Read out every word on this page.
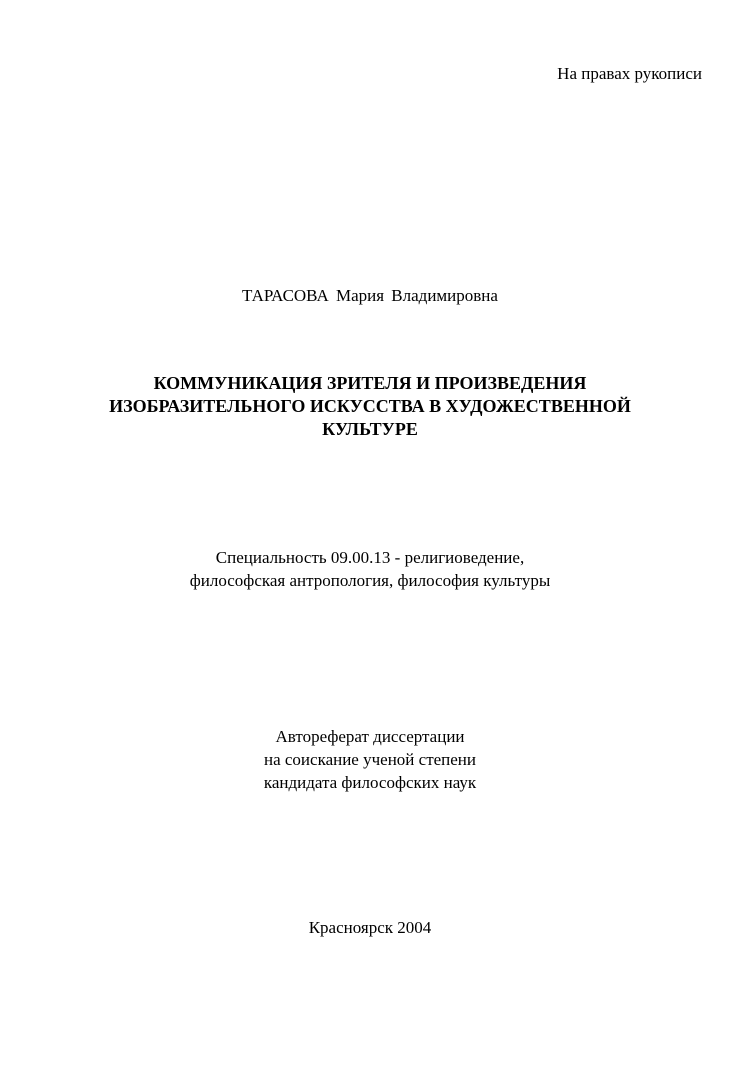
На правах рукописи
ТАРАСОВА Мария Владимировна
КОММУНИКАЦИЯ ЗРИТЕЛЯ И ПРОИЗВЕДЕНИЯ
ИЗОБРАЗИТЕЛЬНОГО ИСКУССТВА В ХУДОЖЕСТВЕННОЙ
КУЛЬТУРЕ
Специальность 09.00.13 - религиоведение,
философская антропология, философия культуры
Автореферат диссертации
на соискание ученой степени
кандидата философских наук
Красноярск 2004
